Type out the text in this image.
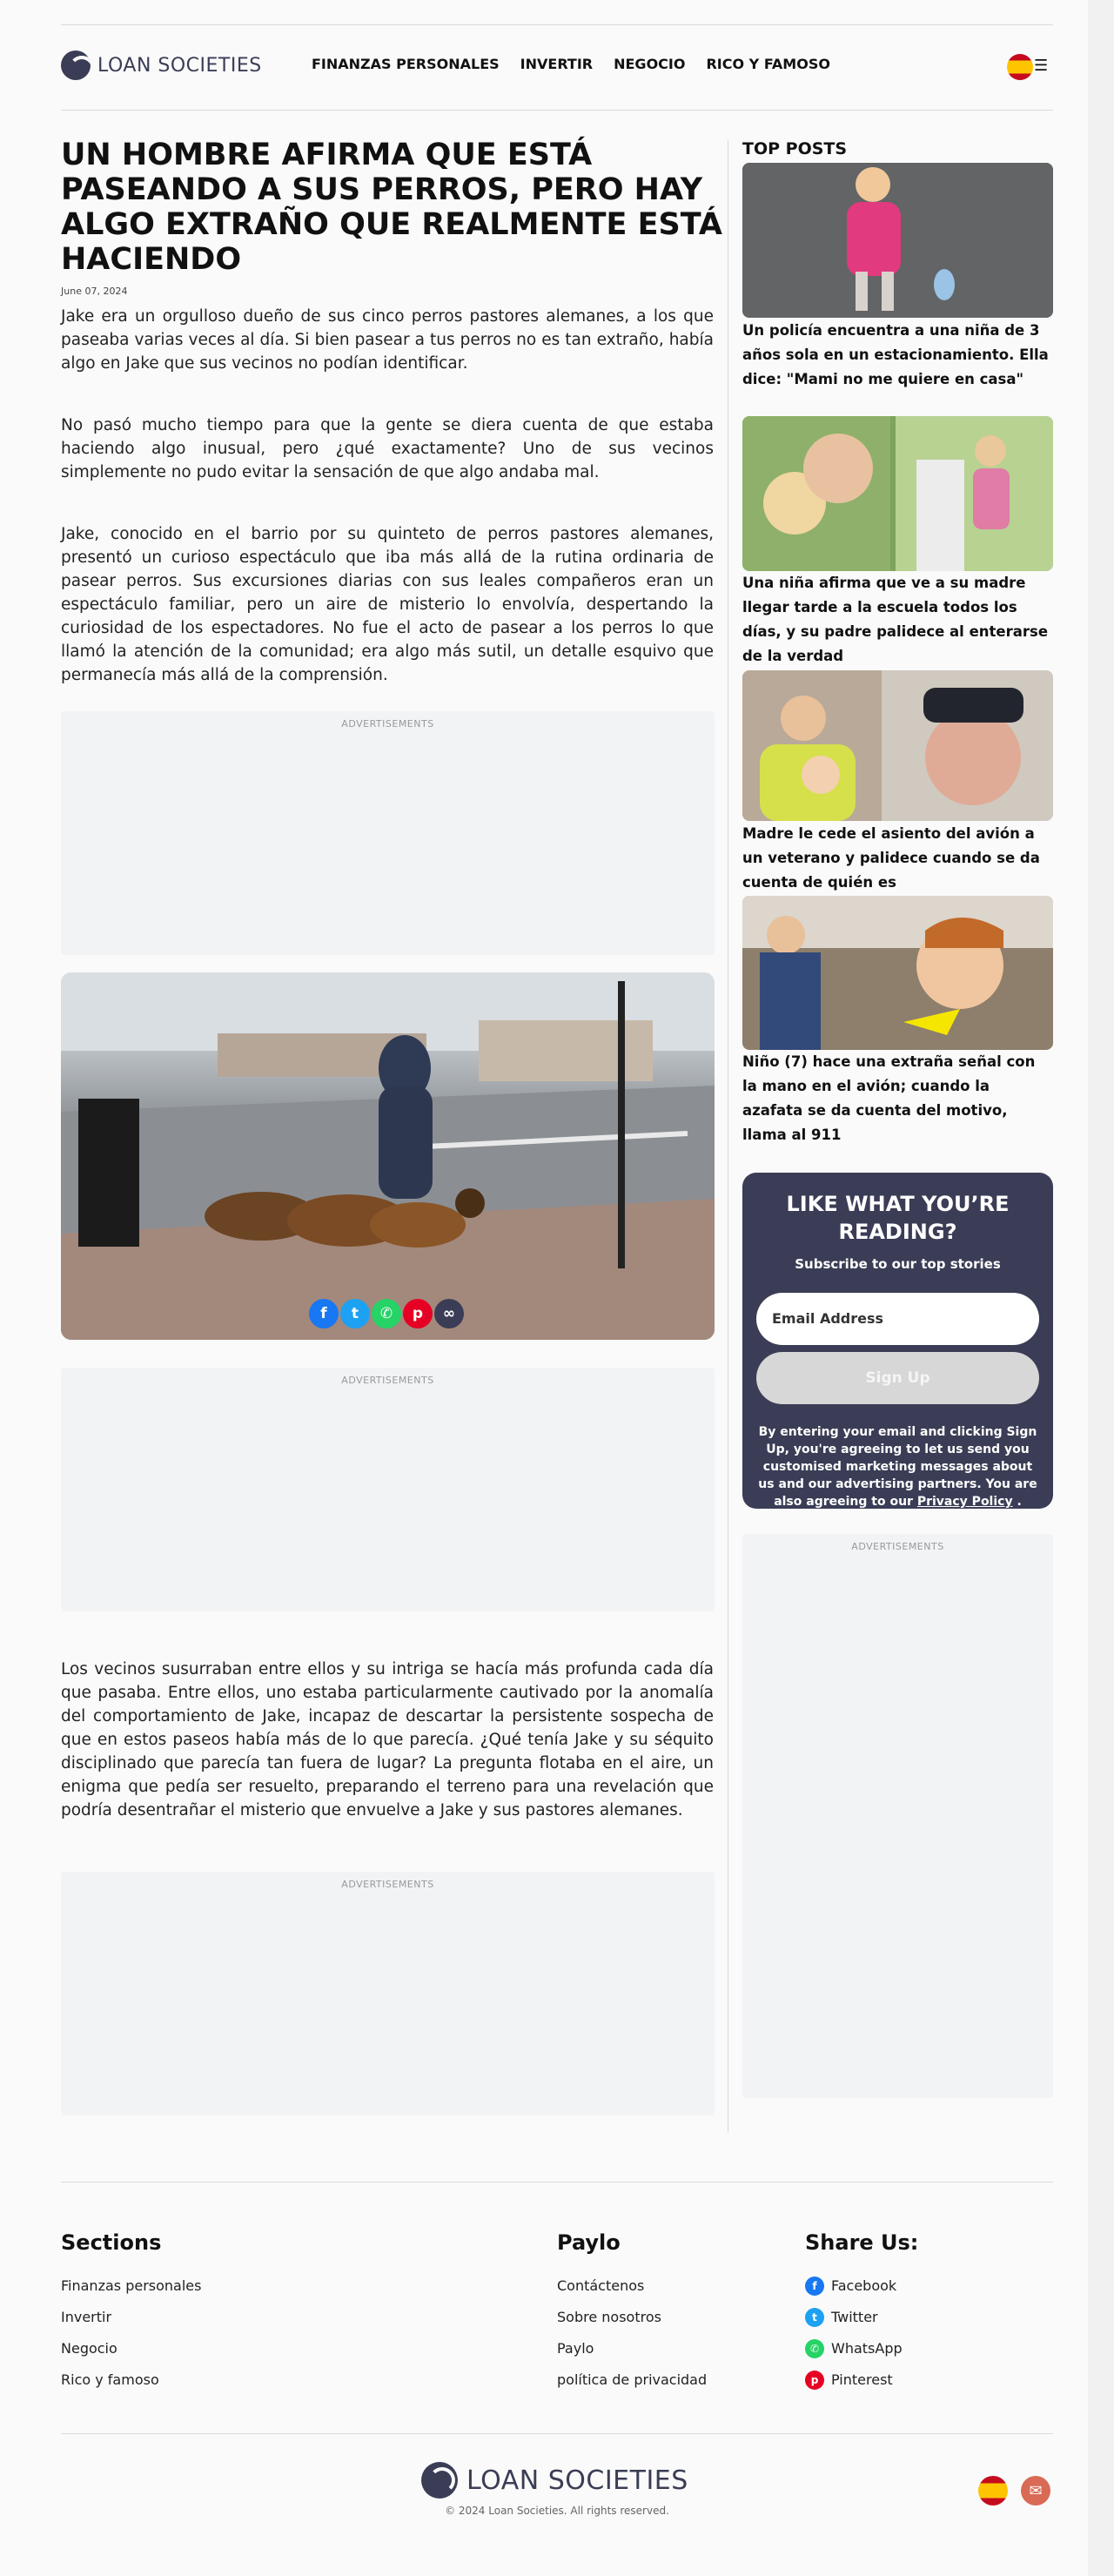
LOAN SOCIETIES	FINANZAS PERSONALES INVERTIR NEGOCIO RICO Y FAMOSO	☰
UN HOMBRE AFIRMA QUE ESTÁ PASEANDO A SUS PERROS, PERO HAY ALGO EXTRAÑO QUE REALMENTE ESTÁ HACIENDO
June 07, 2024

Jake era un orgulloso dueño de sus cinco perros pastores alemanes, a los que paseaba varias veces al día. Si bien pasear a tus perros no es tan extraño, había algo en Jake que sus vecinos no podían identificar.

No pasó mucho tiempo para que la gente se diera cuenta de que estaba haciendo algo inusual, pero ¿qué exactamente? Uno de sus vecinos simplemente no pudo evitar la sensación de que algo andaba mal.

Jake, conocido en el barrio por su quinteto de perros pastores alemanes, presentó un curioso espectáculo que iba más allá de la rutina ordinaria de pasear perros. Sus excursiones diarias con sus leales compañeros eran un espectáculo familiar, pero un aire de misterio lo envolvía, despertando la curiosidad de los espectadores. No fue el acto de pasear a los perros lo que llamó la atención de la comunidad; era algo más sutil, un detalle esquivo que permanecía más allá de la comprensión.

ADVERTISEMENTS
f	t	✆	p	∞
ADVERTISEMENTS

Los vecinos susurraban entre ellos y su intriga se hacía más profunda cada día que pasaba. Entre ellos, uno estaba particularmente cautivado por la anomalía del comportamiento de Jake, incapaz de descartar la persistente sospecha de que en estos paseos había más de lo que parecía. ¿Qué tenía Jake y su séquito disciplinado que parecía tan fuera de lugar? La pregunta flotaba en el aire, un enigma que pedía ser resuelto, preparando el terreno para una revelación que podría desentrañar el misterio que envuelve a Jake y sus pastores alemanes.

ADVERTISEMENTS
TOP POSTS
Un policía encuentra a una niña de 3 años sola en un estacionamiento. Ella dice: "Mami no me quiere en casa"
Una niña afirma que ve a su madre llegar tarde a la escuela todos los días, y su padre palidece al enterarse de la verdad
Madre le cede el asiento del avión a un veterano y palidece cuando se da cuenta de quién es
Niño (7) hace una extraña señal con la mano en el avión; cuando la azafata se da cuenta del motivo, llama al 911
LIKE WHAT YOU’RE READING?
Subscribe to our top stories
Email Address
Sign Up
By entering your email and clicking Sign Up, you're agreeing to let us send you customised marketing messages about us and our advertising partners. You are also agreeing to our Privacy Policy .
ADVERTISEMENTS
Sections
Finanzas personales
Invertir
Negocio
Rico y famoso
Paylo
Contáctenos
Sobre nosotros
Paylo
política de privacidad
Share Us:
f	Facebook
t	Twitter
✆ WhatsApp
p Pinterest
LOAN SOCIETIES
© 2024 Loan Societies. All rights reserved.
✉
